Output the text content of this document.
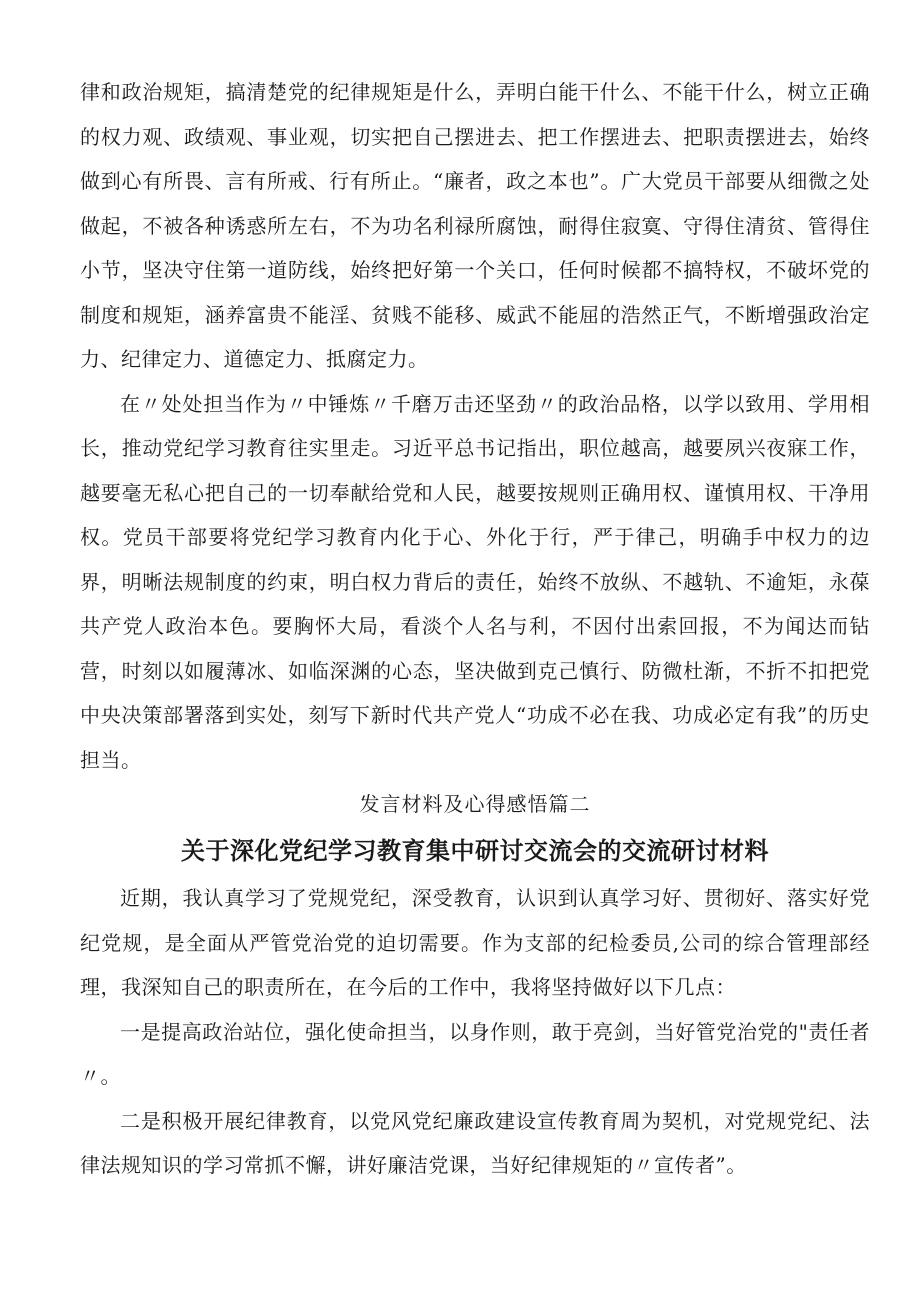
律和政治规矩，搞清楚党的纪律规矩是什么，弄明白能干什么、不能干什么，树立正确的权力观、政绩观、事业观，切实把自己摆进去、把工作摆进去、把职责摆进去，始终做到心有所畏、言有所戒、行有所止。“廉者，政之本也”。广大党员干部要从细微之处做起，不被各种诱惑所左右，不为功名利禄所腐蚀，耐得住寂寞、守得住清贫、管得住小节，坚决守住第一道防线，始终把好第一个关口，任何时候都不搞特权，不破坏党的制度和规矩，涵养富贵不能淫、贫贱不能移、威武不能屈的浩然正气，不断增强政治定力、纪律定力、道德定力、抵腐定力。

在〃处处担当作为〃中锤炼〃千磨万击还坚劲〃的政治品格，以学以致用、学用相长，推动党纪学习教育往实里走。习近平总书记指出，职位越高，越要夙兴夜寐工作，越要毫无私心把自己的一切奉献给党和人民，越要按规则正确用权、谨慎用权、干净用权。党员干部要将党纪学习教育内化于心、外化于行，严于律己，明确手中权力的边界，明晰法规制度的约束，明白权力背后的责任，始终不放纵、不越轨、不逾矩，永葆共产党人政治本色。要胸怀大局，看淡个人名与利，不因付出索回报，不为闻达而钻营，时刻以如履薄冰、如临深渊的心态，坚决做到克己慎行、防微杜渐，不折不扣把党中央决策部署落到实处，刻写下新时代共产党人“功成不必在我、功成必定有我”的历史担当。

发言材料及心得感悟篇二

关于深化党纪学习教育集中研讨交流会的交流研讨材料

近期，我认真学习了党规党纪，深受教育，认识到认真学习好、贯彻好、落实好党纪党规，是全面从严管党治党的迫切需要。作为支部的纪检委员,公司的综合管理部经理，我深知自己的职责所在，在今后的工作中，我将坚持做好以下几点：

一是提高政治站位，强化使命担当，以身作则，敢于亮剑，当好管党治党的"责任者〃。

二是积极开展纪律教育，以党风党纪廉政建设宣传教育周为契机，对党规党纪、法律法规知识的学习常抓不懈，讲好廉洁党课，当好纪律规矩的〃宣传者”。
